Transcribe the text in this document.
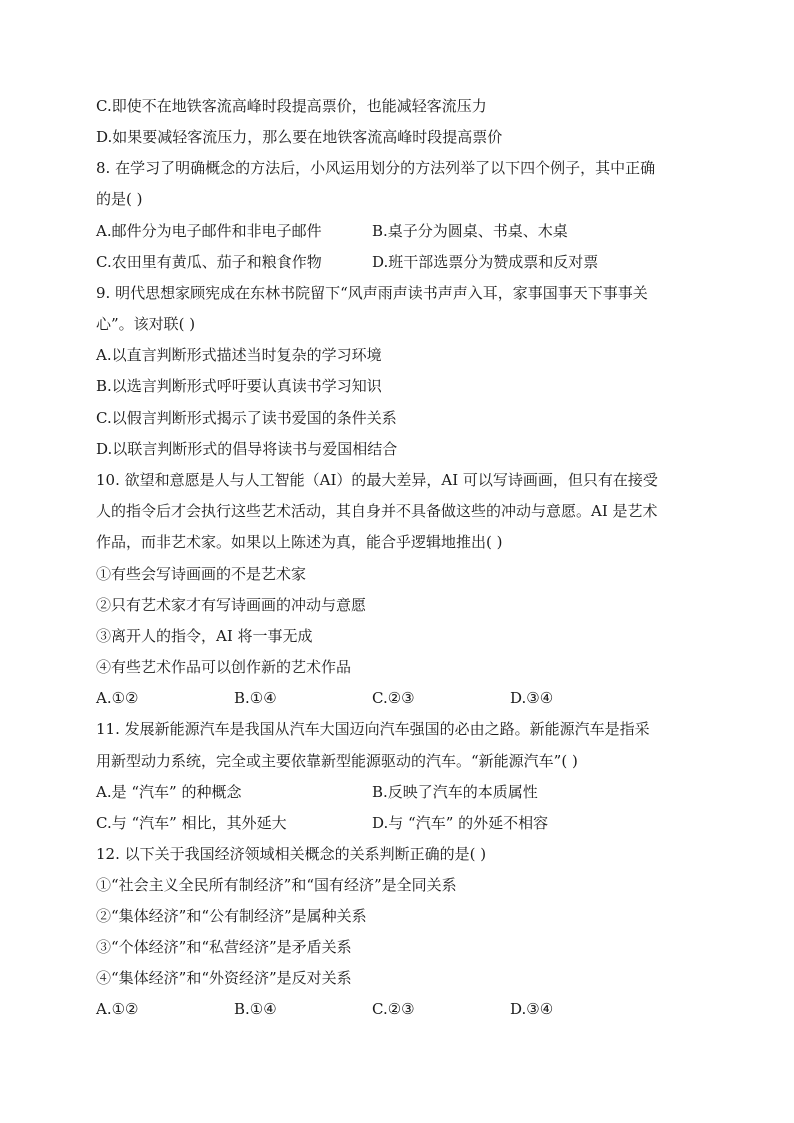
C.即使不在地铁客流高峰时段提高票价，也能减轻客流压力
D.如果要减轻客流压力，那么要在地铁客流高峰时段提高票价
8. 在学习了明确概念的方法后，小风运用划分的方法列举了以下四个例子，其中正确
的是( )
A.邮件分为电子邮件和非电子邮件	B.桌子分为圆桌、书桌、木桌
C.农田里有黄瓜、茄子和粮食作物	D.班干部选票分为赞成票和反对票
9. 明代思想家顾宪成在东林书院留下“风声雨声读书声声入耳，家事国事天下事事关
心”。该对联( )
A.以直言判断形式描述当时复杂的学习环境
B.以选言判断形式呼吁要认真读书学习知识
C.以假言判断形式揭示了读书爱国的条件关系
D.以联言判断形式的倡导将读书与爱国相结合
10. 欲望和意愿是人与人工智能（AI）的最大差异，AI 可以写诗画画，但只有在接受
人的指令后才会执行这些艺术活动，其自身并不具备做这些的冲动与意愿。AI 是艺术
作品，而非艺术家。如果以上陈述为真，能合乎逻辑地推出( )
①有些会写诗画画的不是艺术家
②只有艺术家才有写诗画画的冲动与意愿
③离开人的指令，AI 将一事无成
④有些艺术作品可以创作新的艺术作品
A.①②	B.①④	C.②③	D.③④
11. 发展新能源汽车是我国从汽车大国迈向汽车强国的必由之路。新能源汽车是指采
用新型动力系统，完全或主要依靠新型能源驱动的汽车。“新能源汽车”( )
A.是 “汽车” 的种概念	B.反映了汽车的本质属性
C.与 “汽车” 相比，其外延大	D.与 “汽车” 的外延不相容
12. 以下关于我国经济领域相关概念的关系判断正确的是( )
①“社会主义全民所有制经济”和“国有经济”是全同关系
②“集体经济”和“公有制经济”是属种关系
③“个体经济”和“私营经济”是矛盾关系
④“集体经济”和“外资经济”是反对关系
A.①②	B.①④	C.②③	D.③④
